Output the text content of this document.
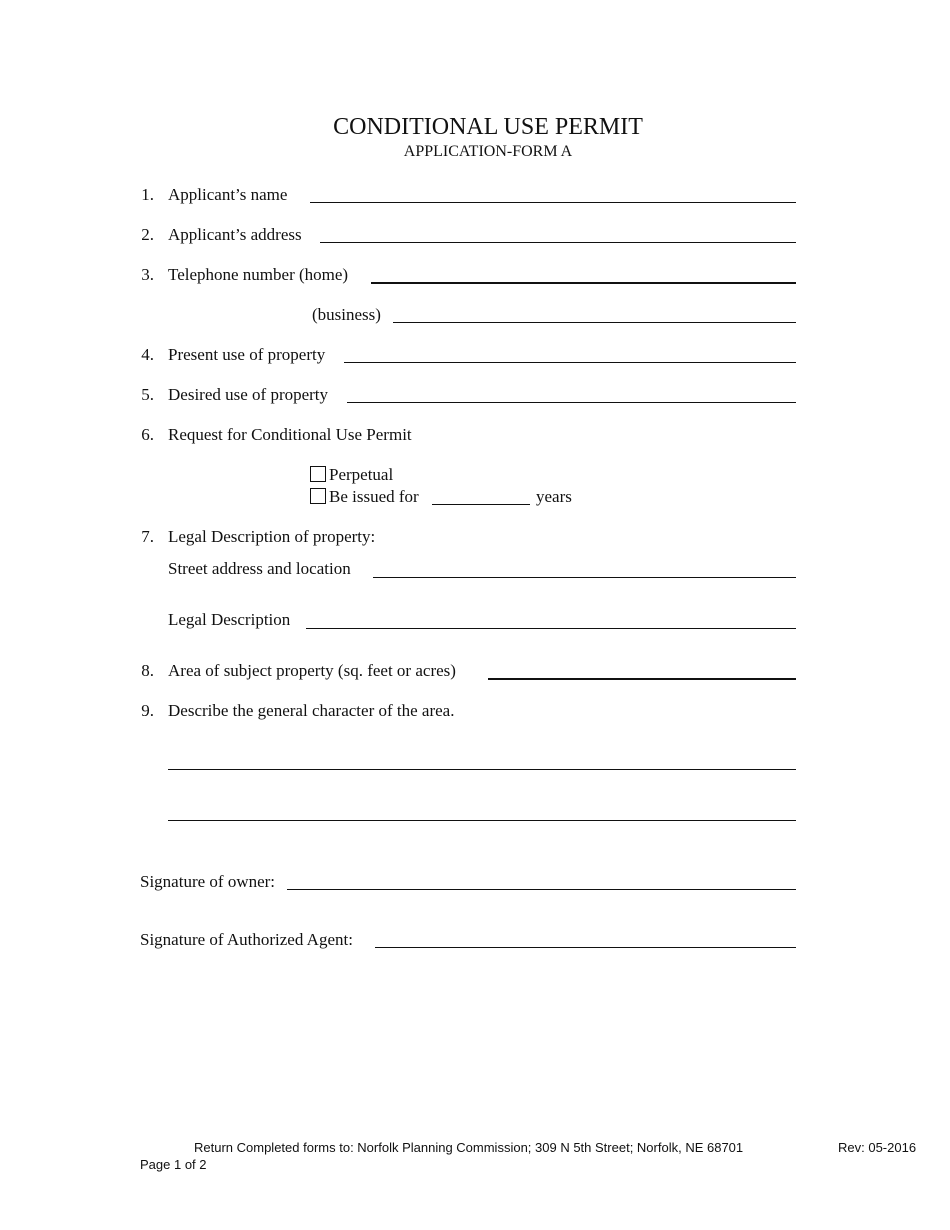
CONDITIONAL USE PERMIT
APPLICATION-FORM A
1. Applicant’s name
2. Applicant’s address
3. Telephone number (home)
(business)
4. Present use of property
5. Desired use of property
6. Request for Conditional Use Permit
Perpetual
Be issued for	years
7. Legal Description of property:
Street address and location
Legal Description
8. Area of subject property (sq. feet or acres)
9. Describe the general character of the area.
Signature of owner:
Signature of Authorized Agent:
Return Completed forms to: Norfolk Planning Commission; 309 N 5th Street; Norfolk, NE 68701	Rev: 05-2016
Page 1 of 2
